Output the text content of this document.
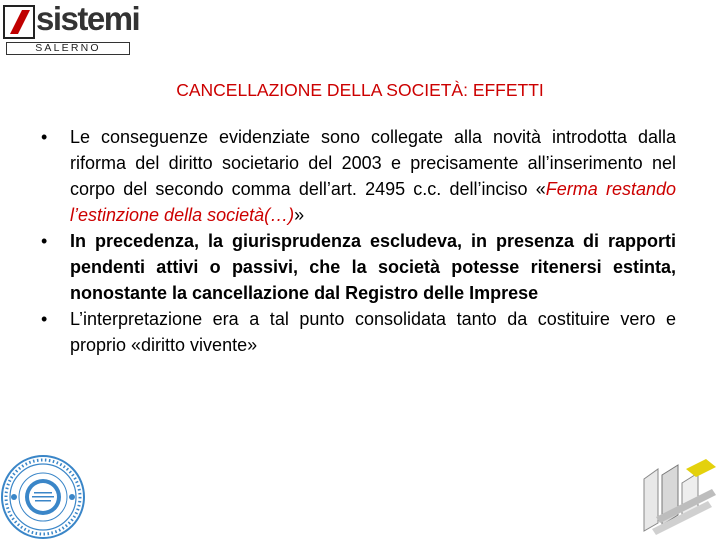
sistemi
SALERNO
CANCELLAZIONE DELLA SOCIETÀ: EFFETTI
• Le conseguenze evidenziate sono collegate alla novità introdotta dalla riforma del diritto societario del 2003 e precisamente all’inserimento nel corpo del secondo comma dell’art. 2495 c.c. dell’inciso «Ferma restando l’estinzione della società(…)»
• In precedenza, la giurisprudenza escludeva, in presenza di rapporti pendenti attivi o passivi, che la società potesse ritenersi estinta, nonostante la cancellazione dal Registro delle Imprese
• L’interpretazione era a tal punto consolidata tanto da costituire vero e proprio «diritto vivente»
